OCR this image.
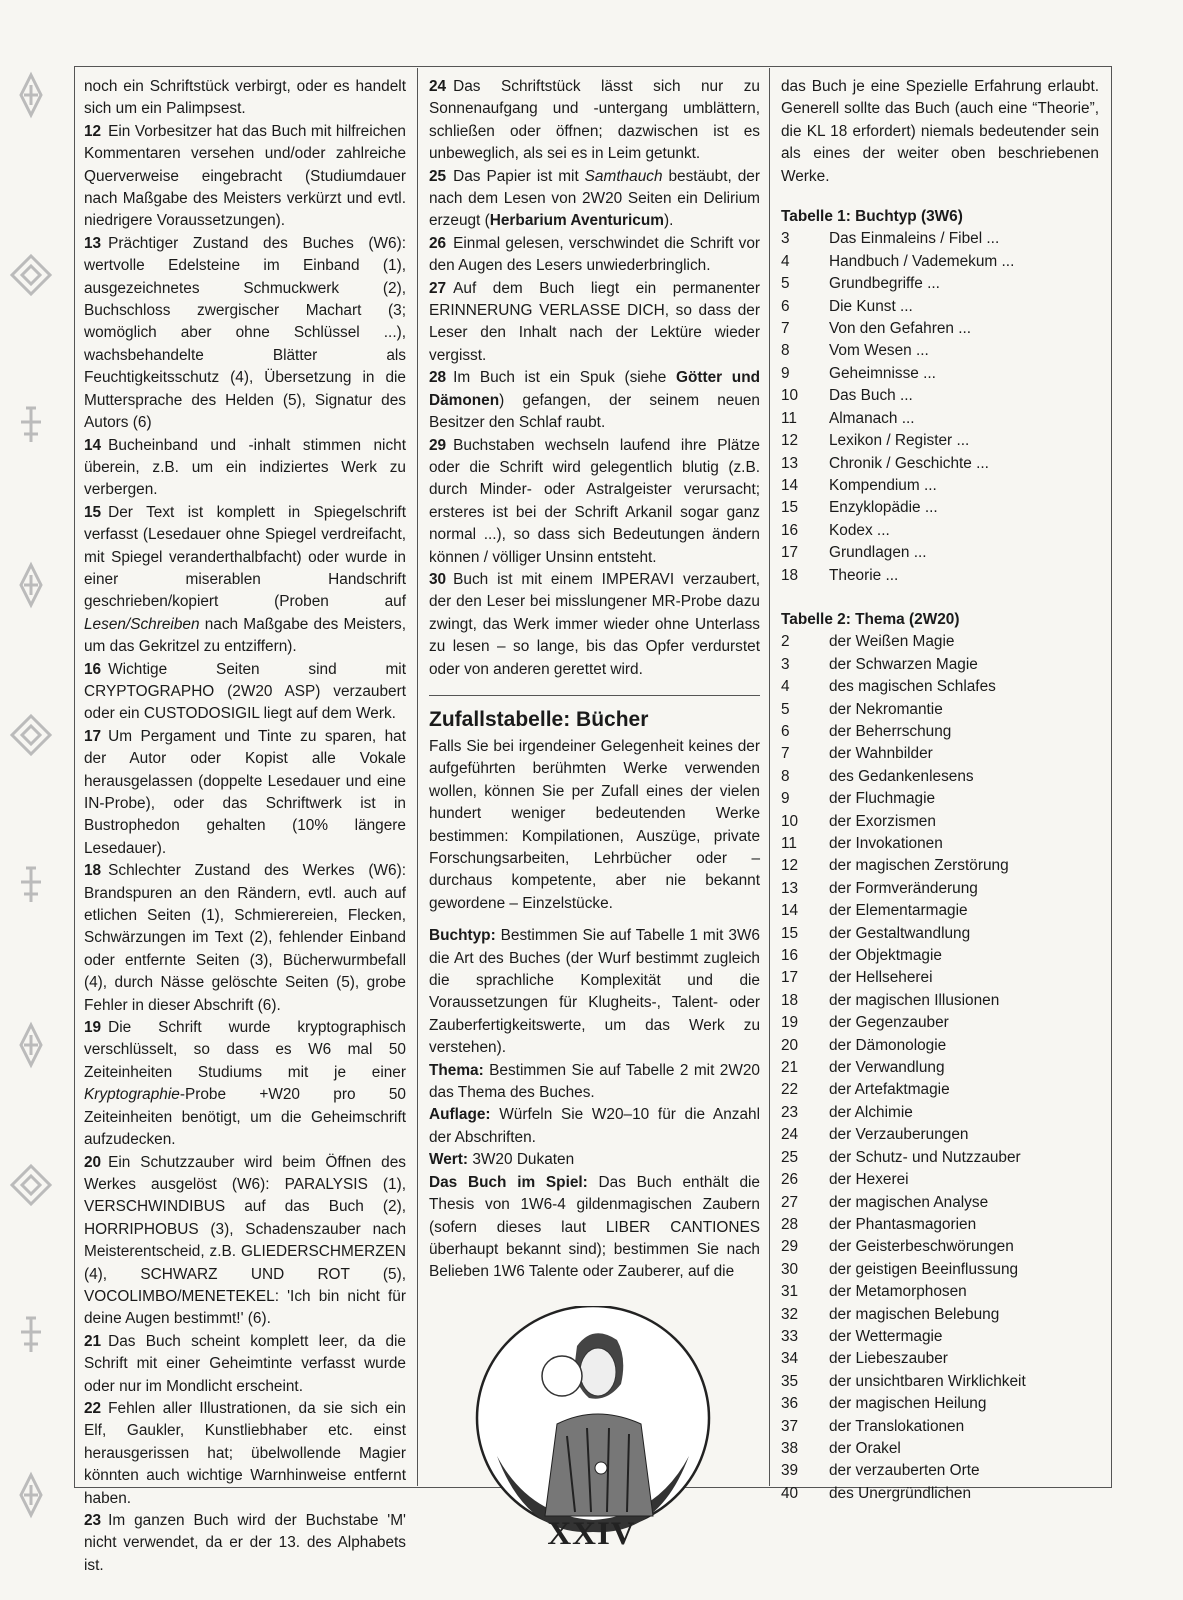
noch ein Schriftstück verbirgt, oder es handelt sich um ein Palimpsest.

12 Ein Vorbesitzer hat das Buch mit hilfreichen Kommentaren versehen und/oder zahlreiche Querverweise eingebracht (Studiumdauer nach Maßgabe des Meisters verkürzt und evtl. niedrigere Voraussetzungen).

13 Prächtiger Zustand des Buches (W6): wertvolle Edelsteine im Einband (1), ausgezeichnetes Schmuckwerk (2), Buchschloss zwergischer Machart (3; womöglich aber ohne Schlüssel ...), wachsbehandelte Blätter als Feuchtigkeitsschutz (4), Übersetzung in die Muttersprache des Helden (5), Signatur des Autors (6)

14 Bucheinband und -inhalt stimmen nicht überein, z.B. um ein indiziertes Werk zu verbergen.

15 Der Text ist komplett in Spiegelschrift verfasst (Lesedauer ohne Spiegel verdreifacht, mit Spiegel veranderthalbfacht) oder wurde in einer miserablen Handschrift geschrieben/kopiert (Proben auf Lesen/Schreiben nach Maßgabe des Meisters, um das Gekritzel zu entziffern).

16 Wichtige Seiten sind mit CRYPTOGRAPHO (2W20 ASP) verzaubert oder ein CUSTODOSIGIL liegt auf dem Werk.

17 Um Pergament und Tinte zu sparen, hat der Autor oder Kopist alle Vokale herausgelassen (doppelte Lesedauer und eine IN-Probe), oder das Schriftwerk ist in Bustrophedon gehalten (10% längere Lesedauer).

18 Schlechter Zustand des Werkes (W6): Brandspuren an den Rändern, evtl. auch auf etlichen Seiten (1), Schmierereien, Flecken, Schwärzungen im Text (2), fehlender Einband oder entfernte Seiten (3), Bücherwurmbefall (4), durch Nässe gelöschte Seiten (5), grobe Fehler in dieser Abschrift (6).

19 Die Schrift wurde kryptographisch verschlüsselt, so dass es W6 mal 50 Zeiteinheiten Studiums mit je einer Kryptographie-Probe +W20 pro 50 Zeiteinheiten benötigt, um die Geheimschrift aufzudecken.

20 Ein Schutzzauber wird beim Öffnen des Werkes ausgelöst (W6): PARALYSIS (1), VERSCHWINDIBUS auf das Buch (2), HORRIPHOBUS (3), Schadenszauber nach Meisterentscheid, z.B. GLIEDERSCHMERZEN (4), SCHWARZ UND ROT (5), VOCOLIMBO/MENETEKEL: 'Ich bin nicht für deine Augen bestimmt!' (6).

21 Das Buch scheint komplett leer, da die Schrift mit einer Geheimtinte verfasst wurde oder nur im Mondlicht erscheint.

22 Fehlen aller Illustrationen, da sie sich ein Elf, Gaukler, Kunstliebhaber etc. einst herausgerissen hat; übelwollende Magier könnten auch wichtige Warnhinweise entfernt haben.

23 Im ganzen Buch wird der Buchstabe 'M' nicht verwendet, da er der 13. des Alphabets ist.

24 Das Schriftstück lässt sich nur zu Sonnenaufgang und -untergang umblättern, schließen oder öffnen; dazwischen ist es unbeweglich, als sei es in Leim getunkt.

25 Das Papier ist mit Samthauch bestäubt, der nach dem Lesen von 2W20 Seiten ein Delirium erzeugt (Herbarium Aventuricum).

26 Einmal gelesen, verschwindet die Schrift vor den Augen des Lesers unwiederbringlich.

27 Auf dem Buch liegt ein permanenter ERINNERUNG VERLASSE DICH, so dass der Leser den Inhalt nach der Lektüre wieder vergisst.

28 Im Buch ist ein Spuk (siehe Götter und Dämonen) gefangen, der seinem neuen Besitzer den Schlaf raubt.

29 Buchstaben wechseln laufend ihre Plätze oder die Schrift wird gelegentlich blutig (z.B. durch Minder- oder Astralgeister verursacht; ersteres ist bei der Schrift Arkanil sogar ganz normal ...), so dass sich Bedeutungen ändern können / völliger Unsinn entsteht.

30 Buch ist mit einem IMPERAVI verzaubert, der den Leser bei misslungener MR-Probe dazu zwingt, das Werk immer wieder ohne Unterlass zu lesen – so lange, bis das Opfer verdurstet oder von anderen gerettet wird.

Zufallstabelle: Bücher

Falls Sie bei irgendeiner Gelegenheit keines der aufgeführten berühmten Werke verwenden wollen, können Sie per Zufall eines der vielen hundert weniger bedeutenden Werke bestimmen: Kompilationen, Auszüge, private Forschungsarbeiten, Lehrbücher oder – durchaus kompetente, aber nie bekannt gewordene – Einzelstücke.

Buchtyp: Bestimmen Sie auf Tabelle 1 mit 3W6 die Art des Buches (der Wurf bestimmt zugleich die sprachliche Komplexität und die Voraussetzungen für Klugheits-, Talent- oder Zauberfertigkeitswerte, um das Werk zu verstehen).

Thema: Bestimmen Sie auf Tabelle 2 mit 2W20 das Thema des Buches.

Auflage: Würfeln Sie W20–10 für die Anzahl der Abschriften.

Wert: 3W20 Dukaten

Das Buch im Spiel: Das Buch enthält die Thesis von 1W6-4 gildenmagischen Zaubern (sofern dieses laut LIBER CANTIONES überhaupt bekannt sind); bestimmen Sie nach Belieben 1W6 Talente oder Zauberer, auf die

das Buch je eine Spezielle Erfahrung erlaubt. Generell sollte das Buch (auch eine “Theorie”, die KL 18 erfordert) niemals bedeutender sein als eines der weiter oben beschriebenen Werke.

Tabelle 1: Buchtyp (3W6)
3	Das Einmaleins / Fibel ...
4	Handbuch / Vademekum ...
5	Grundbegriffe ...
6	Die Kunst ...
7	Von den Gefahren ...
8	Vom Wesen ...
9	Geheimnisse ...
10	Das Buch ...
11	Almanach ...
12	Lexikon / Register ...
13	Chronik / Geschichte ...
14	Kompendium ...
15	Enzyklopädie ...
16	Kodex ...
17	Grundlagen ...
18	Theorie ...
Tabelle 2: Thema (2W20)
2	der Weißen Magie
3	der Schwarzen Magie
4	des magischen Schlafes
5	der Nekromantie
6	der Beherrschung
7	der Wahnbilder
8	des Gedankenlesens
9	der Fluchmagie
10	der Exorzismen
11	der Invokationen
12	der magischen Zerstörung
13	der Formveränderung
14	der Elementarmagie
15	der Gestaltwandlung
16	der Objektmagie
17	der Hellseherei
18	der magischen Illusionen
19	der Gegenzauber
20	der Dämonologie
21	der Verwandlung
22	der Artefaktmagie
23	der Alchimie
24	der Verzauberungen
25	der Schutz- und Nutzzauber
26	der Hexerei
27	der magischen Analyse
28	der Phantasmagorien
29	der Geisterbeschwörungen
30	der geistigen Beeinflussung
31	der Metamorphosen
32	der magischen Belebung
33	der Wettermagie
34	der Liebeszauber
35	der unsichtbaren Wirklichkeit
36	der magischen Heilung
37	der Translokationen
38	der Orakel
39	der verzauberten Orte
40	des Unergründlichen
XXIV
